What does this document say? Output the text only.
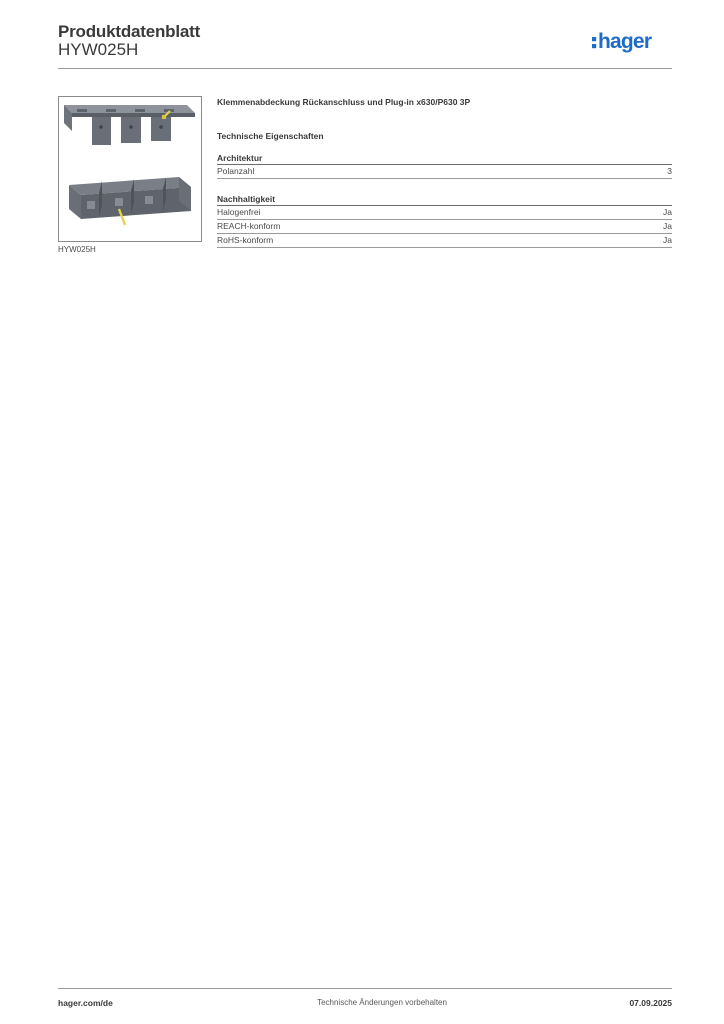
Produktdatenblatt
HYW025H	hager
HYW025H
Klemmenabdeckung Rückanschluss und Plug-in x630/P630 3P
Technische Eigenschaften
Architektur
Polanzahl	3
Nachhaltigkeit
Halogenfrei	Ja
REACH-konform	Ja
RoHS-konform	Ja
hager.com/de	Technische Änderungen vorbehalten	07.09.2025
